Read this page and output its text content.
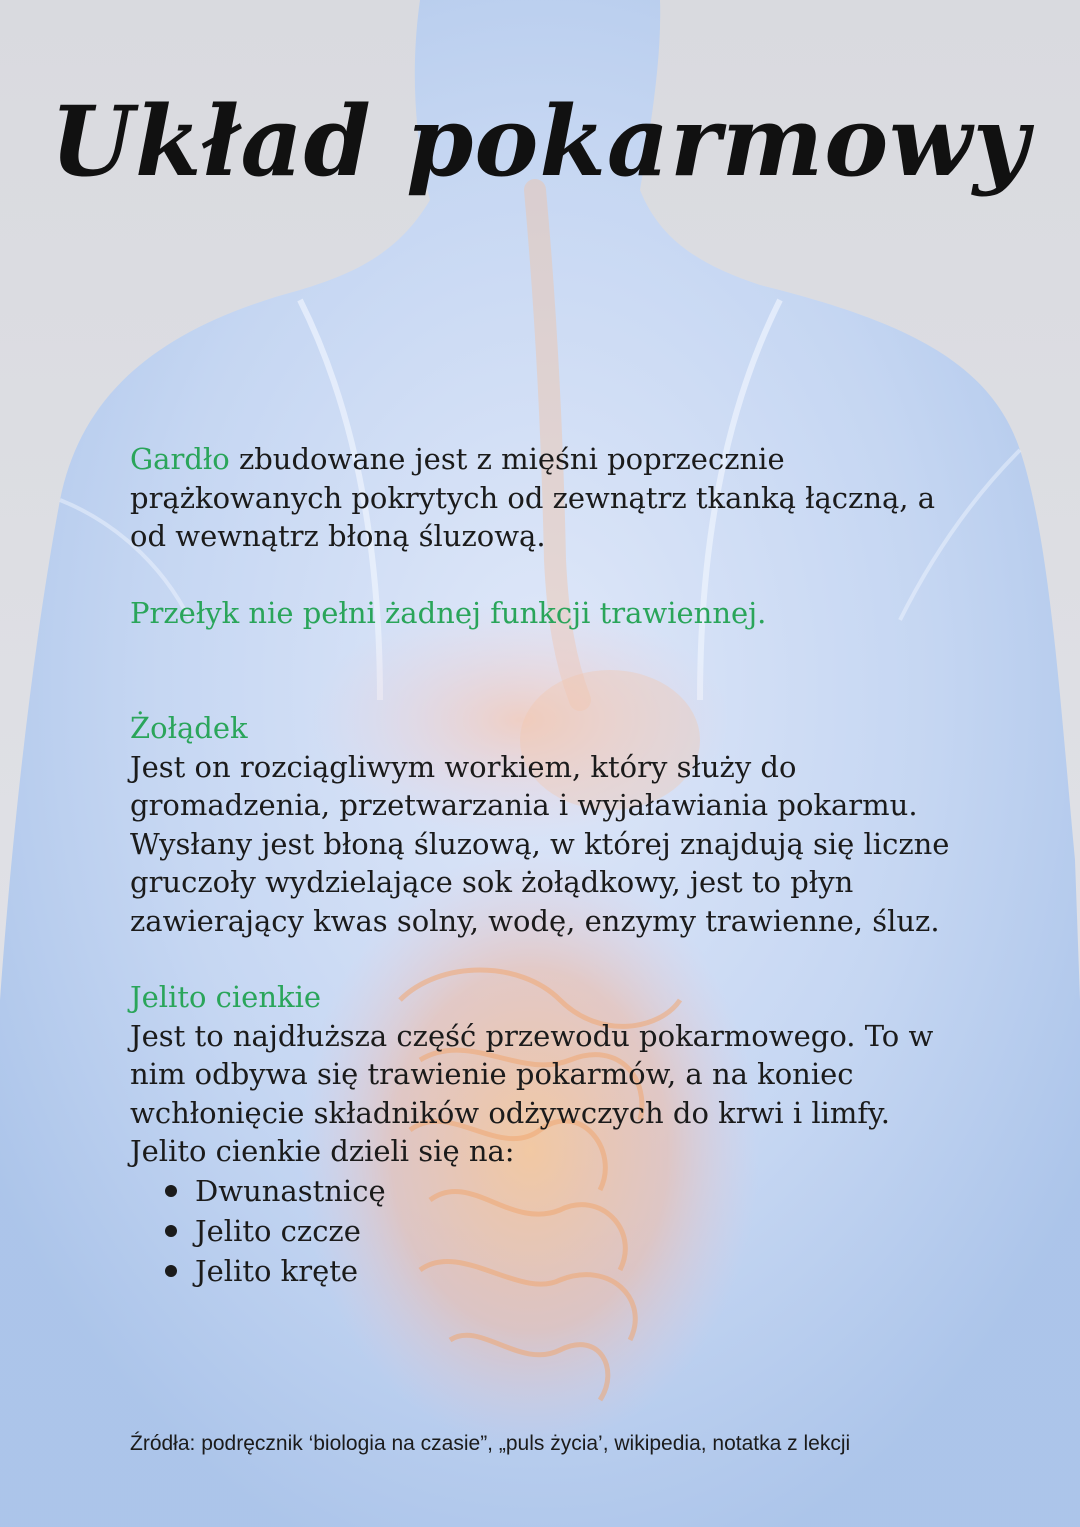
Układ pokarmowy

Gardło zbudowane jest z mięśni poprzecznie prążkowanych pokrytych od zewnątrz tkanką łączną, a od wewnątrz błoną śluzową.

Przełyk nie pełni żadnej funkcji trawiennej.

Żołądek

Jest on rozciągliwym workiem, który służy do gromadzenia, przetwarzania i wyjaławiania pokarmu. Wysłany jest błoną śluzową, w której znajdują się liczne gruczoły wydzielające sok żołądkowy, jest to płyn zawierający kwas solny, wodę, enzymy trawienne, śluz.

Jelito cienkie

Jest to najdłuższa część przewodu pokarmowego. To w nim odbywa się trawienie pokarmów, a na koniec wchłonięcie składników odżywczych do krwi i limfy. Jelito cienkie dzieli się na:

Dwunastnicę
Jelito czcze
Jelito kręte

Źródła: podręcznik ‘biologia na czasie”, „puls życia’, wikipedia, notatka z lekcji
